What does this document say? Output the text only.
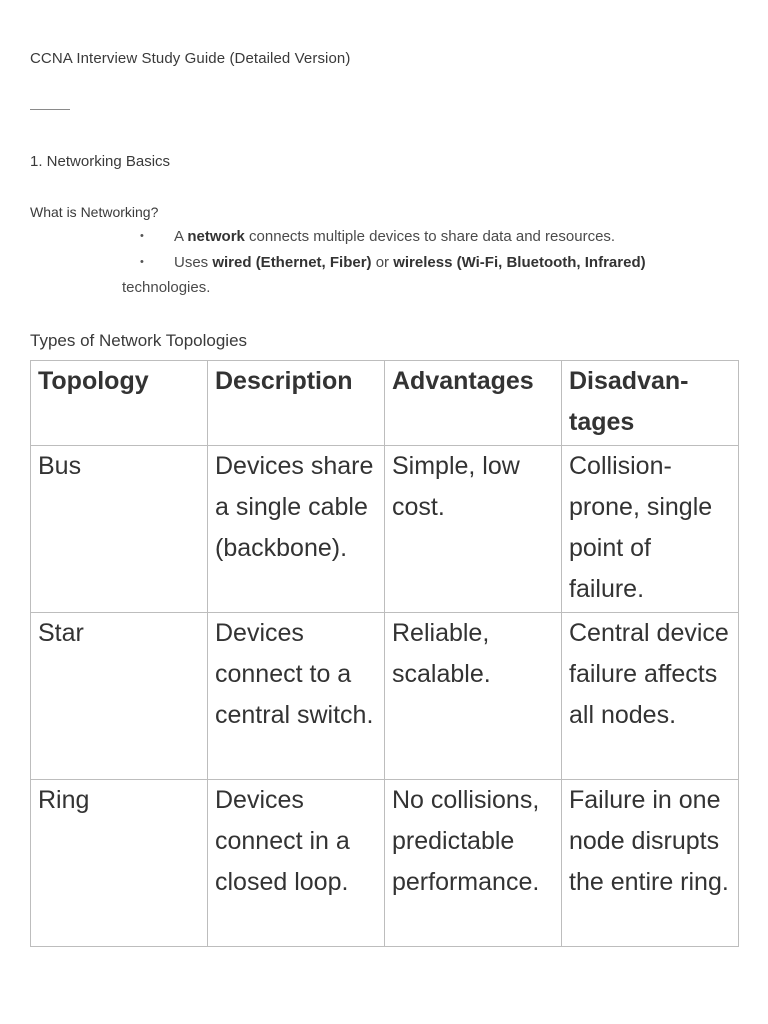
CCNA Interview Study Guide (Detailed Version)
1. Networking Basics
What is Networking?
• A network connects multiple devices to share data and resources.
• Uses wired (Ethernet, Fiber) or wireless (Wi-Fi, Bluetooth, Infrared)
technologies.
Types of Network Topologies
Topology	Description	Advantages	Disadvan-
tages
Bus	Devices share a single cable (backbone).	Simple, low cost.	Collision-prone, single point of failure.
Star	Devices connect to a central switch.	Reliable, scalable.	Central device failure affects all nodes.
Ring	Devices connect in a closed loop.	No collisions, predictable performance.	Failure in one node disrupts the entire ring.
